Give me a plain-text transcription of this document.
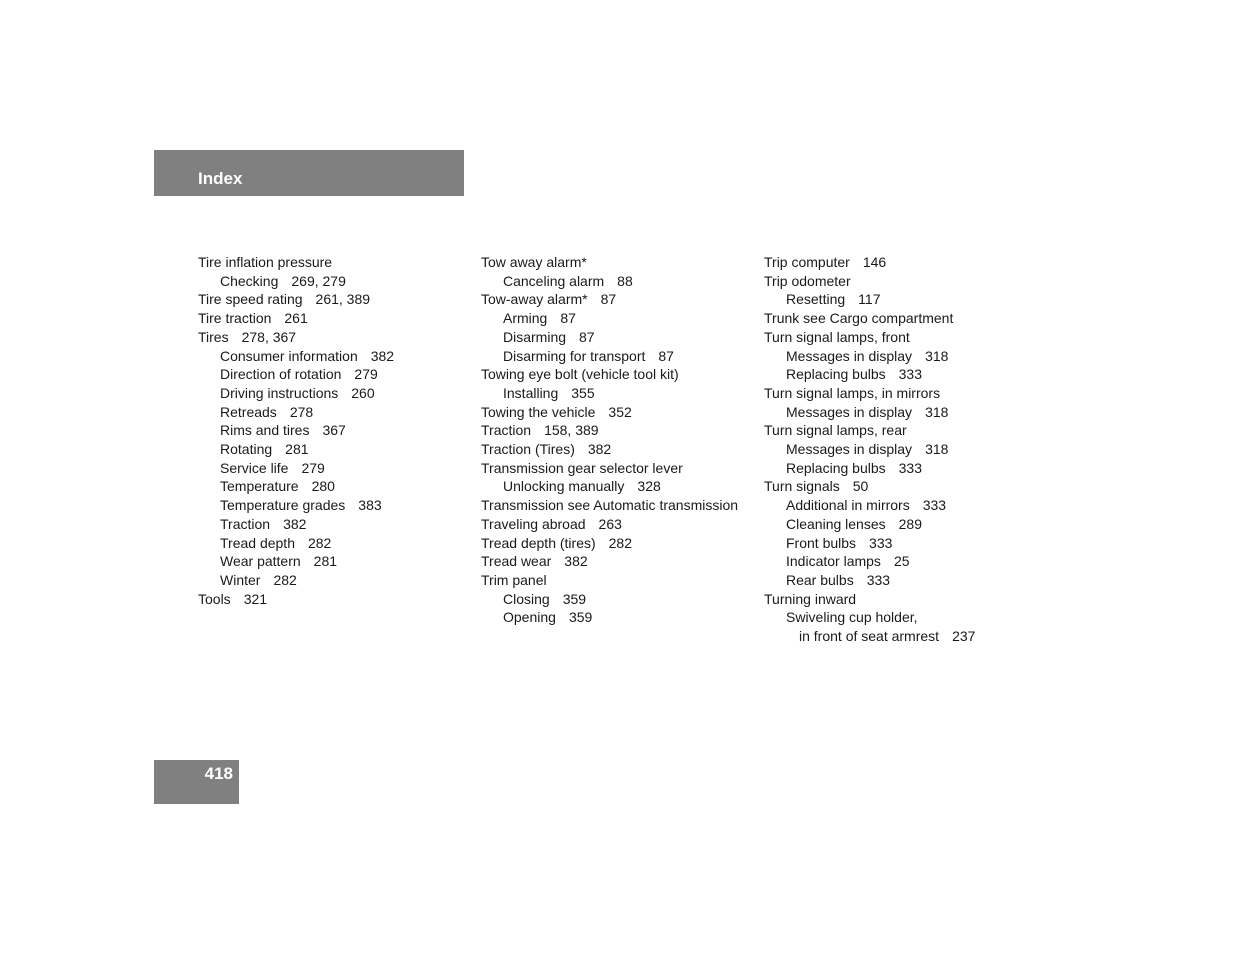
Index
Tire inflation pressure
Checking 269, 279
Tire speed rating 261, 389
Tire traction 261
Tires 278, 367
Consumer information 382
Direction of rotation 279
Driving instructions 260
Retreads 278
Rims and tires 367
Rotating 281
Service life 279
Temperature 280
Temperature grades 383
Traction 382
Tread depth 282
Wear pattern 281
Winter 282
Tools 321
Tow away alarm*
Canceling alarm 88
Tow-away alarm* 87
Arming 87
Disarming 87
Disarming for transport 87
Towing eye bolt (vehicle tool kit)
Installing 355
Towing the vehicle 352
Traction 158, 389
Traction (Tires) 382
Transmission gear selector lever
Unlocking manually 328
Transmission see Automatic transmission
Traveling abroad 263
Tread depth (tires) 282
Tread wear 382
Trim panel
Closing 359
Opening 359
Trip computer 146
Trip odometer
Resetting 117
Trunk see Cargo compartment
Turn signal lamps, front
Messages in display 318
Replacing bulbs 333
Turn signal lamps, in mirrors
Messages in display 318
Turn signal lamps, rear
Messages in display 318
Replacing bulbs 333
Turn signals 50
Additional in mirrors 333
Cleaning lenses 289
Front bulbs 333
Indicator lamps 25
Rear bulbs 333
Turning inward
Swiveling cup holder,
in front of seat armrest 237
418
